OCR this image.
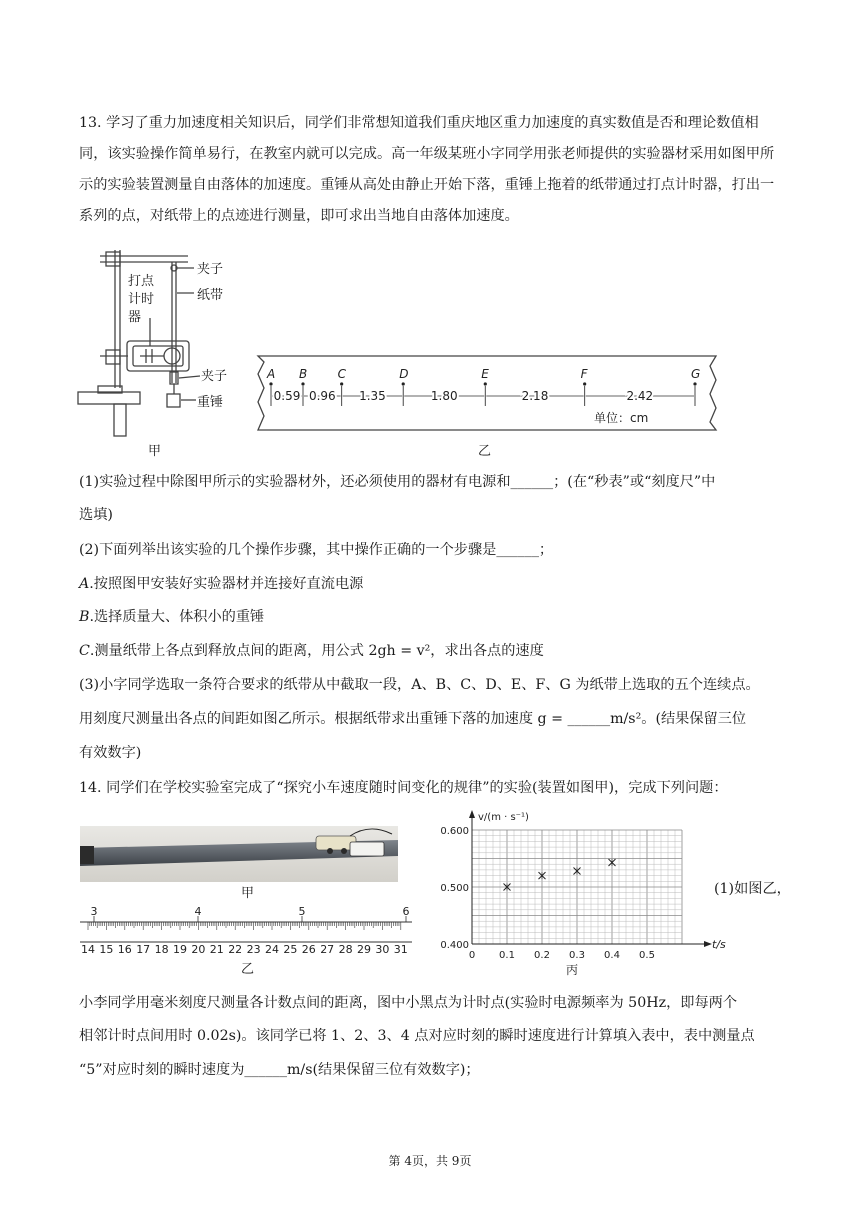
13. 学习了重力加速度相关知识后，同学们非常想知道我们重庆地区重力加速度的真实数值是否和理论数值相同，该实验操作简单易行，在教室内就可以完成。高一年级某班小字同学用张老师提供的实验器材采用如图甲所示的实验装置测量自由落体的加速度。重锤从高处由静止开始下落，重锤上拖着的纸带通过打点计时器，打出一系列的点，对纸带上的点迹进行测量，即可求出当地自由落体加速度。

夹子
纸带
打点
计时
器
夹子
重锤
甲
A B	C	D	E	F	G
0.59 0.96 1.35	1.80	2.18	2.42
单位：cm
乙
(1)实验过程中除图甲所示的实验器材外，还必须使用的器材有电源和______；(在“秒表”或“刻度尺”中
选填)
(2)下面列举出该实验的几个操作步骤，其中操作正确的一个步骤是______；
A.按照图甲安装好实验器材并连接好直流电源
B.选择质量大、体积小的重锤
C.测量纸带上各点到释放点间的距离，用公式 2gh = v²，求出各点的速度
(3)小字同学选取一条符合要求的纸带从中截取一段，A、B、C、D、E、F、G 为纸带上选取的五个连续点。
用刻度尺测量出各点的间距如图乙所示。根据纸带求出重锤下落的加速度 g = ______m/s²。(结果保留三位
有效数字)
14. 同学们在学校实验室完成了“探究小车速度随时间变化的规律”的实验(装置如图甲)，完成下列问题：
甲
14 15 16 17 18 19 20 21 22 23 24 25 26 27 28 29 30 31
3	4	5	6
乙
v/(m · s⁻¹)
t/s
0 0.1 0.2 0.3 0.4 0.5
0.400
0.500
0.600
丙
(1)如图乙，
小李同学用毫米刻度尺测量各计数点间的距离，图中小黑点为计时点(实验时电源频率为 50Hz，即每两个
相邻计时点间用时 0.02s)。该同学已将 1、2、3、4 点对应时刻的瞬时速度进行计算填入表中，表中测量点
“5”对应时刻的瞬时速度为______m/s(结果保留三位有效数字)；
第 4页，共 9页
